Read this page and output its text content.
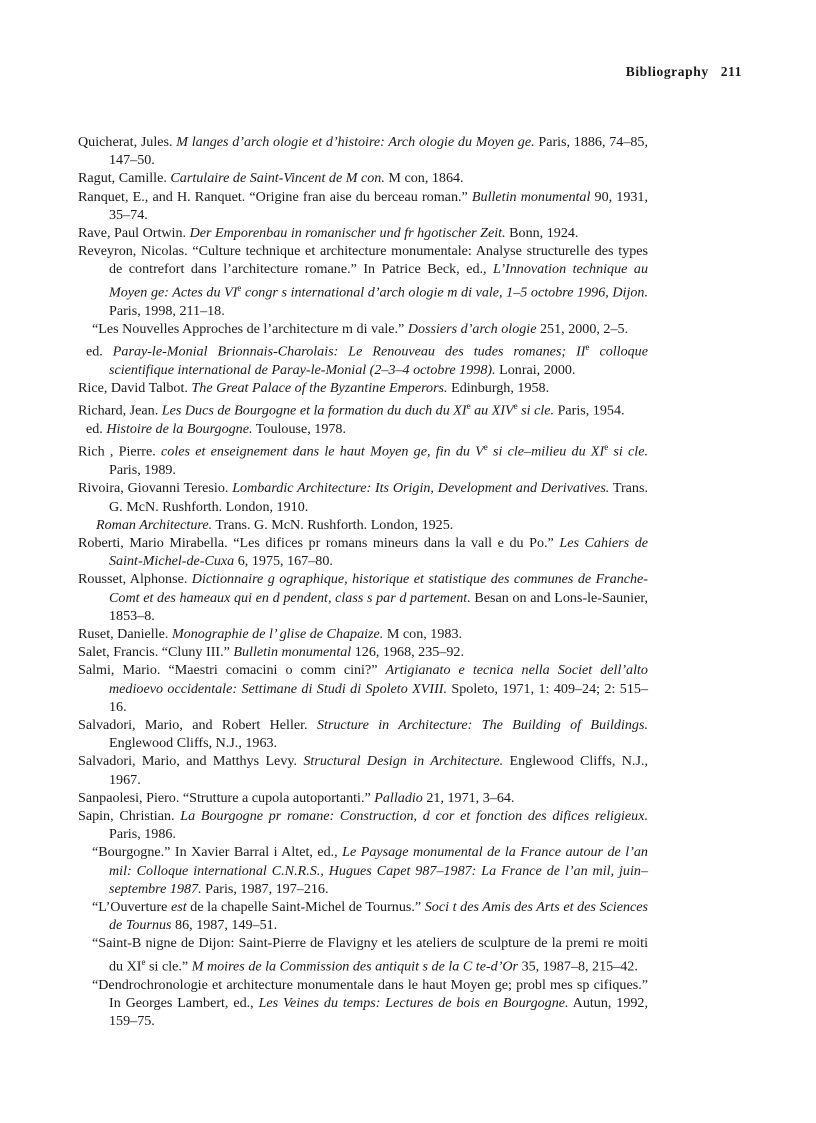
Bibliography 211
Quicherat, Jules. M langes d’arch ologie et d’histoire: Arch ologie du Moyen ge. Paris, 1886, 74–85, 147–50.
Ragut, Camille. Cartulaire de Saint-Vincent de M con. M con, 1864.
Ranquet, E., and H. Ranquet. “Origine fran aise du berceau roman.” Bulletin monumental 90, 1931, 35–74.
Rave, Paul Ortwin. Der Emporenbau in romanischer und fr hgotischer Zeit. Bonn, 1924.
Reveyron, Nicolas. “Culture technique et architecture monumentale: Analyse structurelle des types de contrefort dans l’architecture romane.” In Patrice Beck, ed., L’Innovation technique au Moyen ge: Actes du VIe congr s international d’arch ologie m di vale, 1–5 octobre 1996, Dijon. Paris, 1998, 211–18.
“Les Nouvelles Approches de l’architecture m di vale.” Dossiers d’arch ologie 251, 2000, 2–5.
ed. Paray-le-Monial Brionnais-Charolais: Le Renouveau des tudes romanes; IIe colloque scientifique international de Paray-le-Monial (2–3–4 octobre 1998). Lonrai, 2000.
Rice, David Talbot. The Great Palace of the Byzantine Emperors. Edinburgh, 1958.
Richard, Jean. Les Ducs de Bourgogne et la formation du duch du XIe au XIVe si cle. Paris, 1954.
ed. Histoire de la Bourgogne. Toulouse, 1978.
Rich , Pierre. coles et enseignement dans le haut Moyen ge, fin du Ve si cle–milieu du XIe si cle. Paris, 1989.
Rivoira, Giovanni Teresio. Lombardic Architecture: Its Origin, Development and Derivatives. Trans. G. McN. Rushforth. London, 1910.
Roman Architecture. Trans. G. McN. Rushforth. London, 1925.
Roberti, Mario Mirabella. “Les difices pr romans mineurs dans la vall e du Po.” Les Cahiers de Saint-Michel-de-Cuxa 6, 1975, 167–80.
Rousset, Alphonse. Dictionnaire g ographique, historique et statistique des communes de Franche-Comt et des hameaux qui en d pendent, class s par d partement. Besan on and Lons-le-Saunier, 1853–8.
Ruset, Danielle. Monographie de l’ glise de Chapaize. M con, 1983.
Salet, Francis. “Cluny III.” Bulletin monumental 126, 1968, 235–92.
Salmi, Mario. “Maestri comacini o comm cini?” Artigianato e tecnica nella Societ dell’alto medioevo occidentale: Settimane di Studi di Spoleto XVIII. Spoleto, 1971, 1: 409–24; 2: 515–16.
Salvadori, Mario, and Robert Heller. Structure in Architecture: The Building of Buildings. Englewood Cliffs, N.J., 1963.
Salvadori, Mario, and Matthys Levy. Structural Design in Architecture. Englewood Cliffs, N.J., 1967.
Sanpaolesi, Piero. “Strutture a cupola autoportanti.” Palladio 21, 1971, 3–64.
Sapin, Christian. La Bourgogne pr romane: Construction, d cor et fonction des difices religieux. Paris, 1986.
“Bourgogne.” In Xavier Barral i Altet, ed., Le Paysage monumental de la France autour de l’an mil: Colloque international C.N.R.S., Hugues Capet 987–1987: La France de l’an mil, juin–septembre 1987. Paris, 1987, 197–216.
“L’Ouverture est de la chapelle Saint-Michel de Tournus.” Soci t des Amis des Arts et des Sciences de Tournus 86, 1987, 149–51.
“Saint-B nigne de Dijon: Saint-Pierre de Flavigny et les ateliers de sculpture de la premi re moiti du XIe si cle.” M moires de la Commission des antiquit s de la C te-d’Or 35, 1987–8, 215–42.
“Dendrochronologie et architecture monumentale dans le haut Moyen ge; probl mes sp cifiques.” In Georges Lambert, ed., Les Veines du temps: Lectures de bois en Bourgogne. Autun, 1992, 159–75.
